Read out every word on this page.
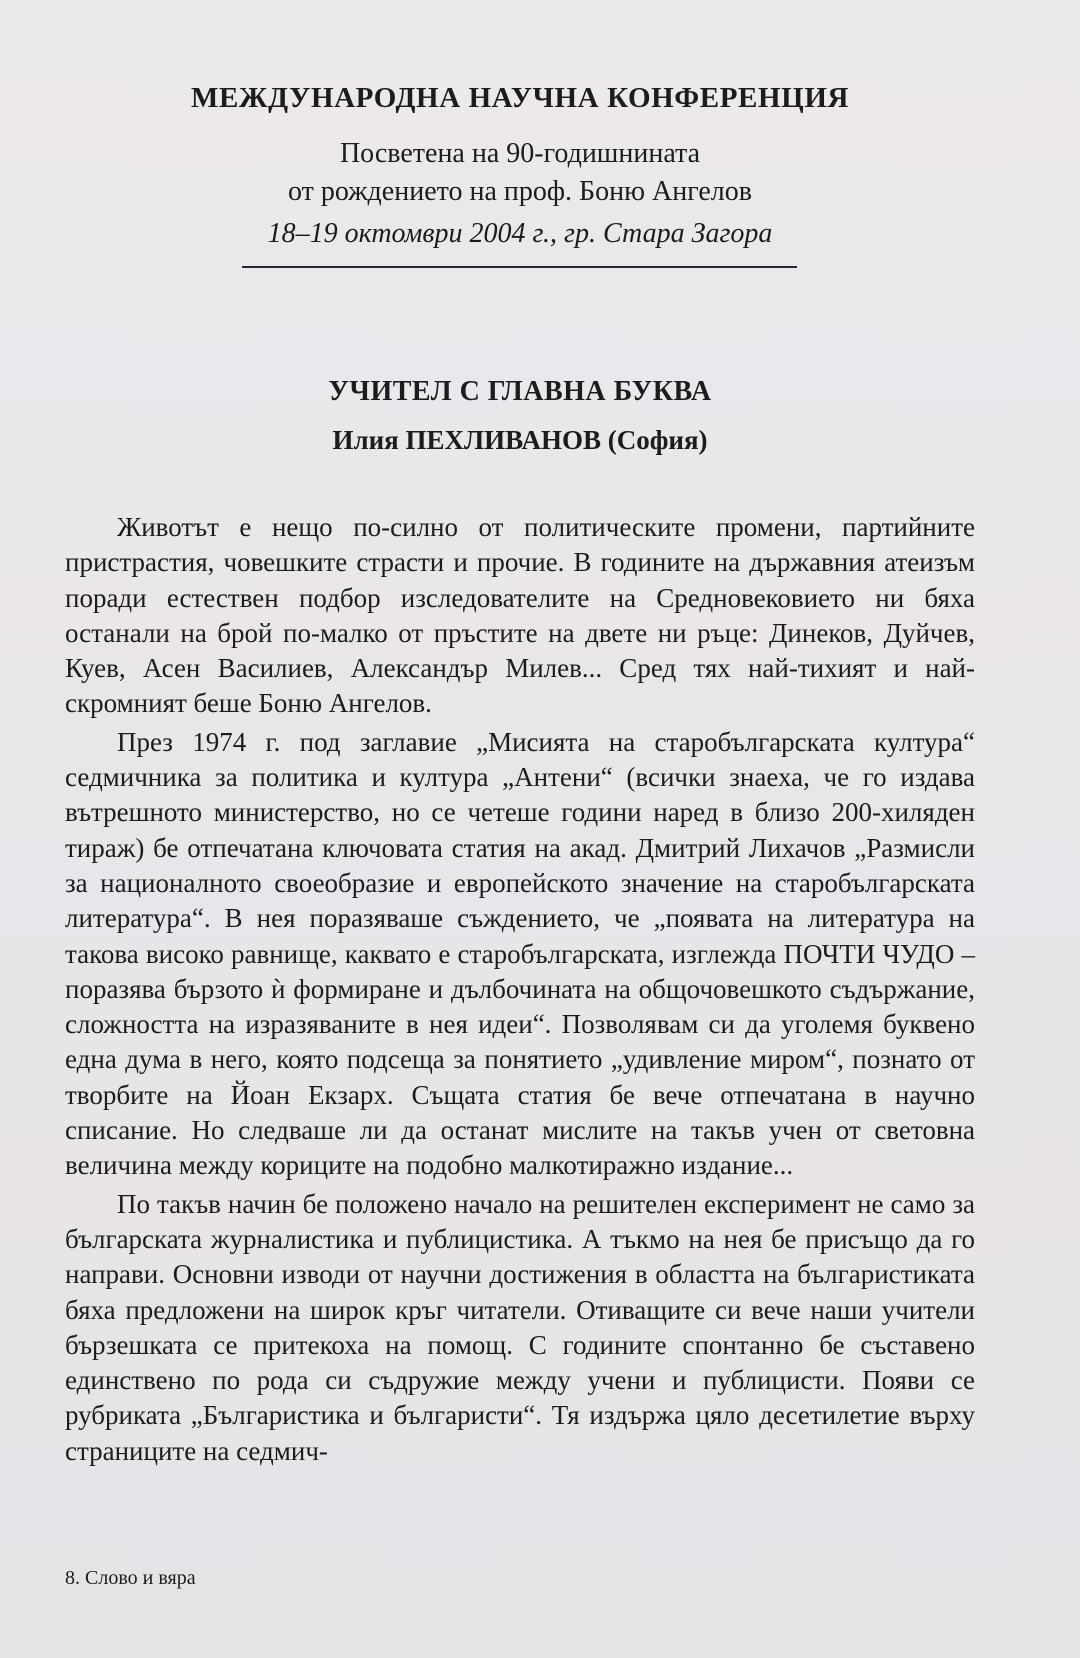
МЕЖДУНАРОДНА НАУЧНА КОНФЕРЕНЦИЯ
Посветена на 90-годишнината
от рождението на проф. Боню Ангелов
18–19 октомври 2004 г., гр. Стара Загора
УЧИТЕЛ С ГЛАВНА БУКВА
Илия ПЕХЛИВАНОВ (София)

Животът е нещо по-силно от политическите промени, партийните пристрастия, човешките страсти и прочие. В годините на държавния атеизъм поради естествен подбор изследователите на Средновековието ни бяха останали на брой по-малко от пръстите на двете ни ръце: Динеков, Дуйчев, Куев, Асен Василиев, Александър Милев... Сред тях най-тихият и най-скромният беше Боню Ангелов.

През 1974 г. под заглавие „Мисията на старобългарската култура“ седмичника за политика и култура „Антени“ (всички знаеха, че го издава вътрешното министерство, но се четеше години наред в близо 200-хиляден тираж) бе отпечатана ключовата статия на акад. Дмитрий Лихачов „Размисли за националното своеобразие и европейското значение на старобългарската литература“. В нея поразяваше съждението, че „появата на литература на такова високо равнище, каквато е старобългарската, изглежда ПОЧТИ ЧУДО – поразява бързото ѝ формиране и дълбочината на общочовешкото съдържание, сложността на изразяваните в нея идеи“. Позволявам си да уголемя буквено една дума в него, която подсеща за понятието „удивление миром“, познато от творбите на Йоан Екзарх. Същата статия бе вече отпечатана в научно списание. Но следваше ли да останат мислите на такъв учен от световна величина между кориците на подобно малкотиражно издание...

По такъв начин бе положено начало на решителен експеримент не само за българската журналистика и публицистика. А тъкмо на нея бе присъщо да го направи. Основни изводи от научни достижения в областта на българистиката бяха предложени на широк кръг читатели. Отиващите си вече наши учители бързешката се притекоха на помощ. С годините спонтанно бе съставено единствено по рода си съдружие между учени и публицисти. Появи се рубриката „Българистика и българисти“. Тя издържа цяло десетилетие върху страниците на седмич-

8. Слово и вяра
